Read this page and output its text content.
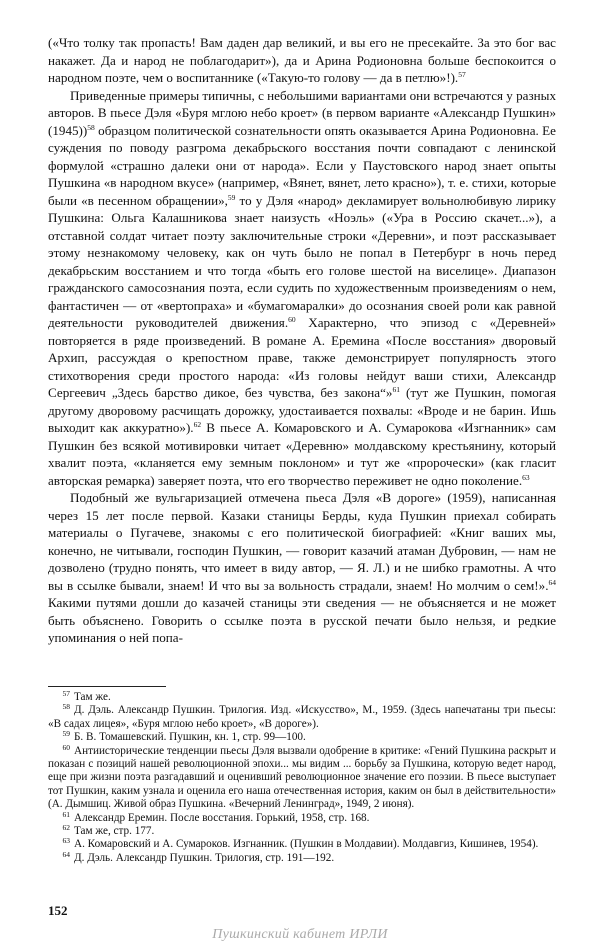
(«Что толку так пропасть! Вам даден дар великий, и вы его не пресекайте. За это бог вас накажет. Да и народ не поблагодарит»), да и Арина Родионовна больше беспокоится о народном поэте, чем о воспитаннике («Такую-то голову — да в петлю»!).$^{57}$

Приведенные примеры типичны, с небольшими вариантами они встречаются у разных авторов. В пьесе Дэля «Буря мглою небо кроет» (в первом варианте «Александр Пушкин» (1945))$^{58}$ образцом политической сознательности опять оказывается Арина Родионовна. Ее суждения по поводу разгрома декабрьского восстания почти совпадают с ленинской формулой «страшно далеки они от народа». Если у Паустовского народ знает опыты Пушкина «в народном вкусе» (например, «Вянет, вянет, лето красно»), т. е. стихи, которые были «в песенном обращении»,$^{59}$ то у Дэля «народ» декламирует вольнолюбивую лирику Пушкина: Ольга Калашникова знает наизусть «Ноэль» («Ура в Россию скачет...»), а отставной солдат читает поэту заключительные строки «Деревни», и поэт рассказывает этому незнакомому человеку, как он чуть было не попал в Петербург в ночь перед декабрьским восстанием и что тогда «быть его голове шестой на виселице». Диапазон гражданского самосознания поэта, если судить по художественным произведениям о нем, фантастичен — от «вертопраха» и «бумагомаралки» до осознания своей роли как равной деятельности руководителей движения.$^{60}$ Характерно, что эпизод с «Деревней» повторяется в ряде произведений. В романе А. Еремина «После восстания» дворовый Архип, рассуждая о крепостном праве, также демонстрирует популярность этого стихотворения среди простого народа: «Из головы нейдут ваши стихи, Александр Сергеевич „Здесь барство дикое, без чувства, без закона“»$^{61}$ (тут же Пушкин, помогая другому дворовому расчищать дорожку, удостаивается похвалы: «Вроде и не барин. Ишь выходит как аккуратно»).$^{62}$ В пьесе А. Комаровского и А. Сумарокова «Изгнанник» сам Пушкин без всякой мотивировки читает «Деревню» молдавскому крестьянину, который хвалит поэта, «кланяется ему земным поклоном» и тут же «пророчески» (как гласит авторская ремарка) заверяет поэта, что его творчество переживет не одно поколение.$^{63}$

Подобный же вульгаризацией отмечена пьеса Дэля «В дороге» (1959), написанная через 15 лет после первой. Казаки станицы Берды, куда Пушкин приехал собирать материалы о Пугачеве, знакомы с его политической биографией: «Книг ваших мы, конечно, не читывали, господин Пушкин, — говорит казачий атаман Дубровин, — нам не дозволено (трудно понять, что имеет в виду автор, — Я. Л.) и не шибко грамотны. А что вы в ссылке бывали, знаем! И что вы за вольность страдали, знаем! Но молчим о сем!».$^{64}$ Какими путями дошли до казачей станицы эти сведения — не объясняется и не может быть объяснено. Говорить о ссылке поэта в русской печати было нельзя, и редкие упоминания о ней попа-

57 Там же.

58 Д. Дэль. Александр Пушкин. Трилогия. Изд. «Искусство», М., 1959. (Здесь напечатаны три пьесы: «В садах лицея», «Буря мглою небо кроет», «В дороге»).

59 Б. В. Томашевский. Пушкин, кн. 1, стр. 99—100.

60 Антиисторические тенденции пьесы Дэля вызвали одобрение в критике: «Гений Пушкина раскрыт и показан с позиций нашей революционной эпохи... мы видим ... борьбу за Пушкина, которую ведет народ, еще при жизни поэта разгадавший и оценивший революционное значение его поэзии. В пьесе выступает тот Пушкин, каким узнала и оценила его наша отечественная история, каким он был в действительности» (А. Дымшиц. Живой образ Пушкина. «Вечерний Ленинград», 1949, 2 июня).

61 Александр Еремин. После восстания. Горький, 1958, стр. 168.

62 Там же, стр. 177.

63 А. Комаровский и А. Сумароков. Изгнанник. (Пушкин в Молдавии). Молдавгиз, Кишинев, 1954).

64 Д. Дэль. Александр Пушкин. Трилогия, стр. 191—192.

152
Пушкинский кабинет ИРЛИ
